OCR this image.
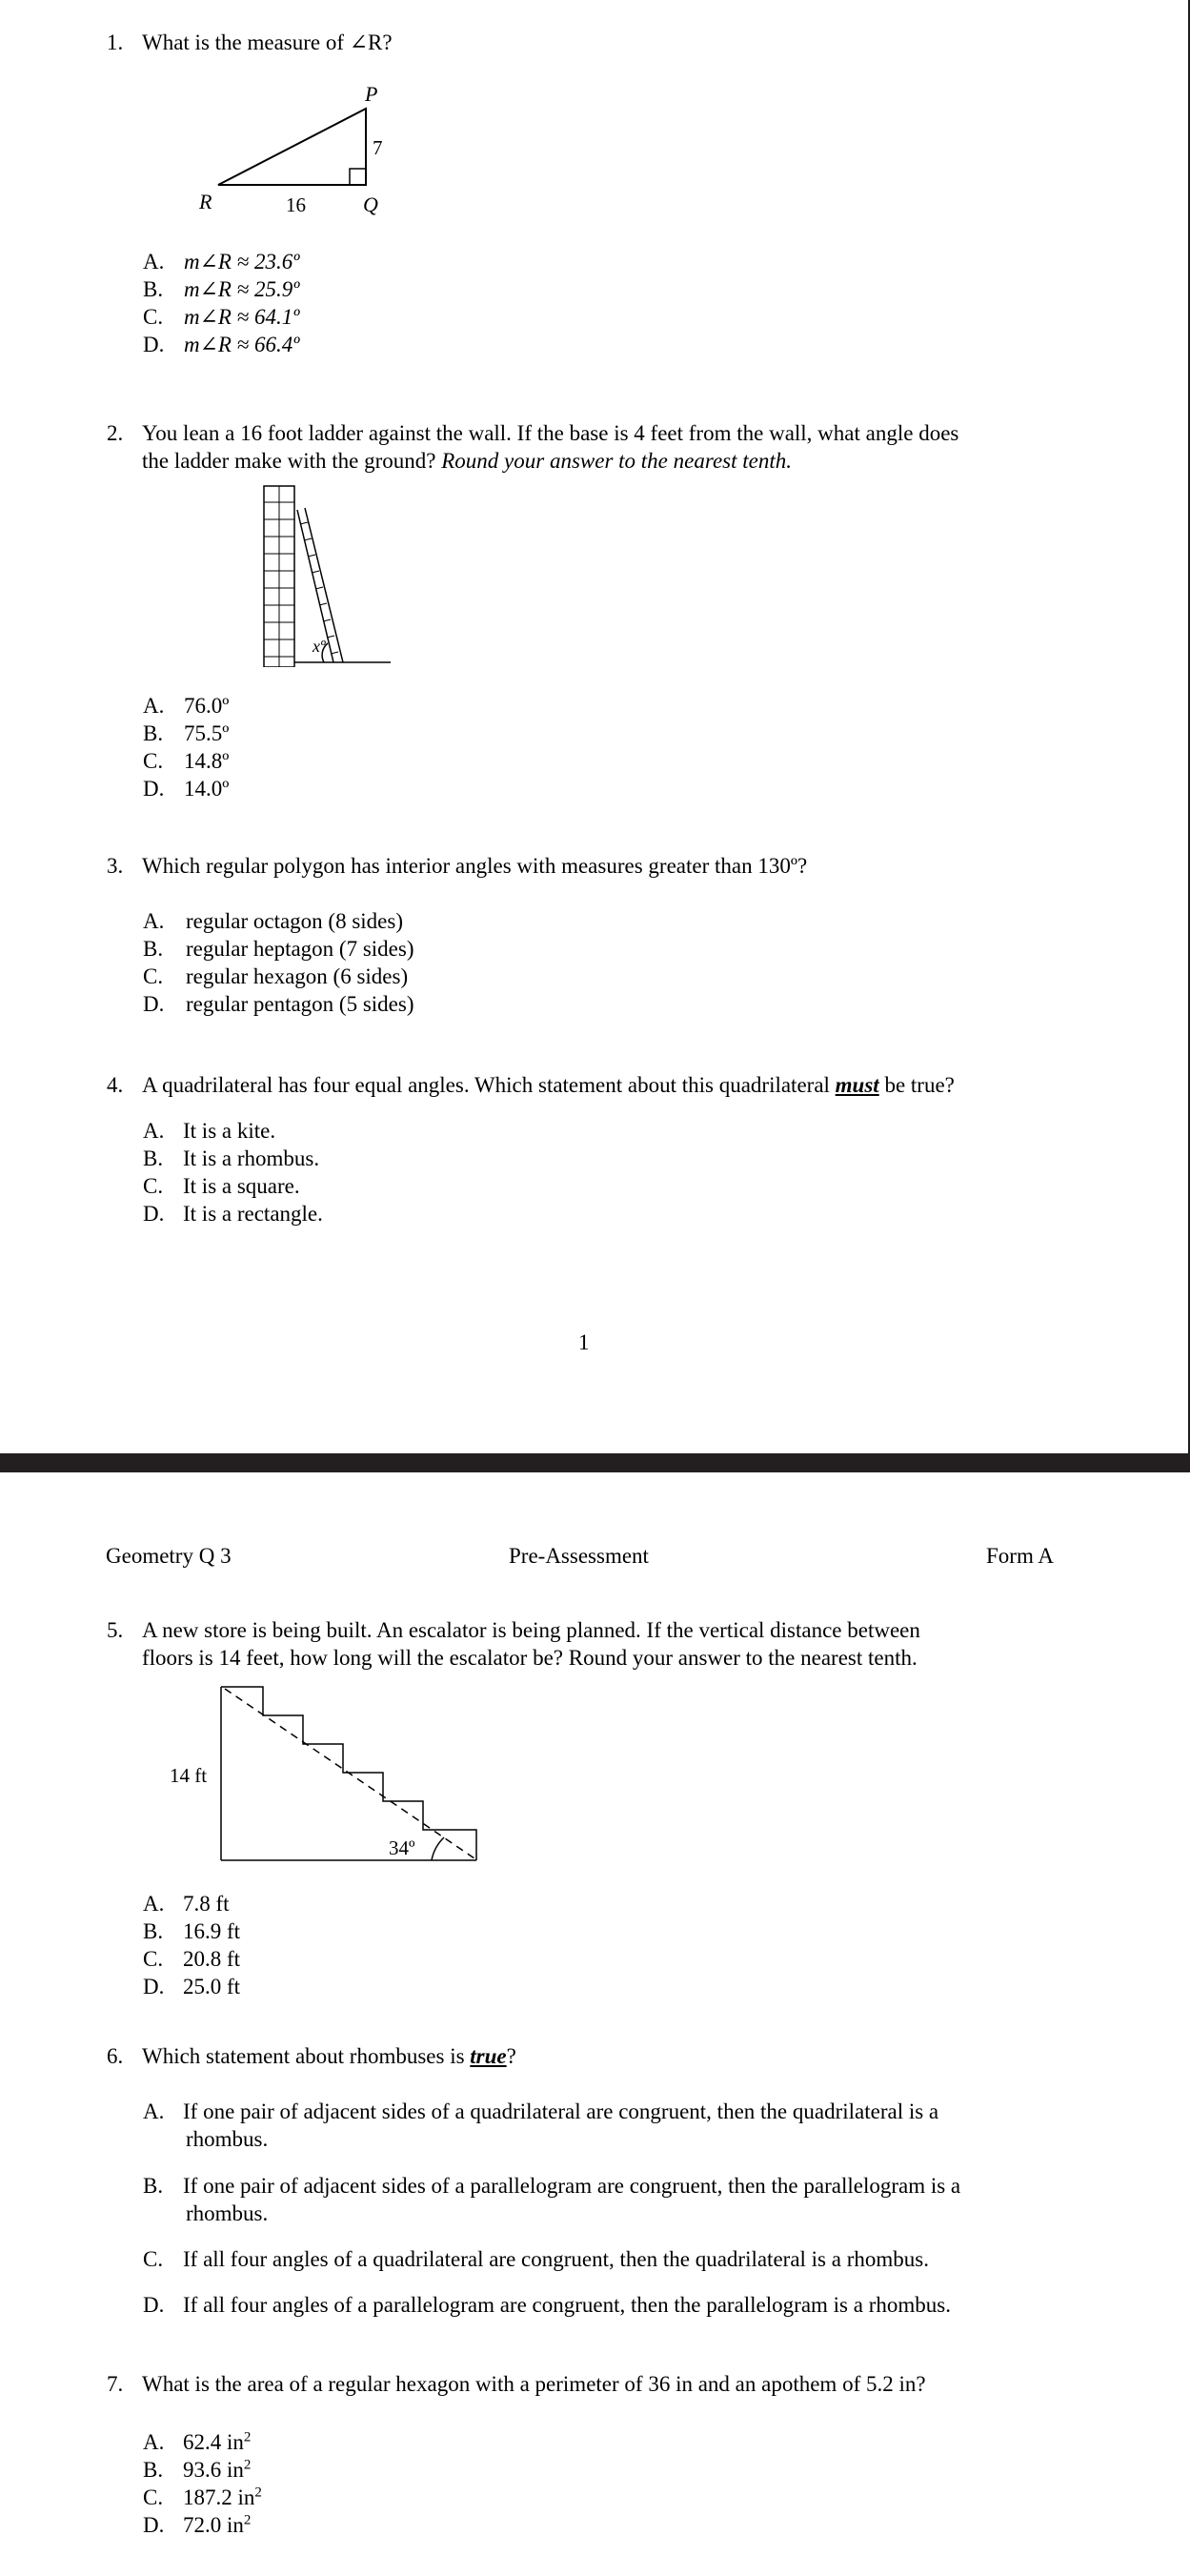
1. What is the measure of ∠R?
P
R	Q
7
16
A. m∠R ≈ 23.6º
B. m∠R ≈ 25.9º
C. m∠R ≈ 64.1º
D. m∠R ≈ 66.4º
2. You lean a 16 foot ladder against the wall. If the base is 4 feet from the wall, what angle does
the ladder make with the ground? Round your answer to the nearest tenth.
xº
A. 76.0º
B. 75.5º
C. 14.8º
D. 14.0º
3. Which regular polygon has interior angles with measures greater than 130º?
A. regular octagon (8 sides)
B. regular heptagon (7 sides)
C. regular hexagon (6 sides)
D. regular pentagon (5 sides)
4. A quadrilateral has four equal angles. Which statement about this quadrilateral must be true?
A. It is a kite.
B. It is a rhombus.
C. It is a square.
D. It is a rectangle.
1
Geometry Q 3	Pre-Assessment	Form A
5. A new store is being built. An escalator is being planned. If the vertical distance between
floors is 14 feet, how long will the escalator be? Round your answer to the nearest tenth.
14 ft
34º
A. 7.8 ft
B. 16.9 ft
C. 20.8 ft
D. 25.0 ft
6. Which statement about rhombuses is true?
A. If one pair of adjacent sides of a quadrilateral are congruent, then the quadrilateral is a
rhombus.
B. If one pair of adjacent sides of a parallelogram are congruent, then the parallelogram is a
rhombus.
C. If all four angles of a quadrilateral are congruent, then the quadrilateral is a rhombus.
D. If all four angles of a parallelogram are congruent, then the parallelogram is a rhombus.
7. What is the area of a regular hexagon with a perimeter of 36 in and an apothem of 5.2 in?
A. 62.4 $in^2$
B. 93.6 $in^2$
C. 187.2 $in^2$
D. 72.0 $in^2$
